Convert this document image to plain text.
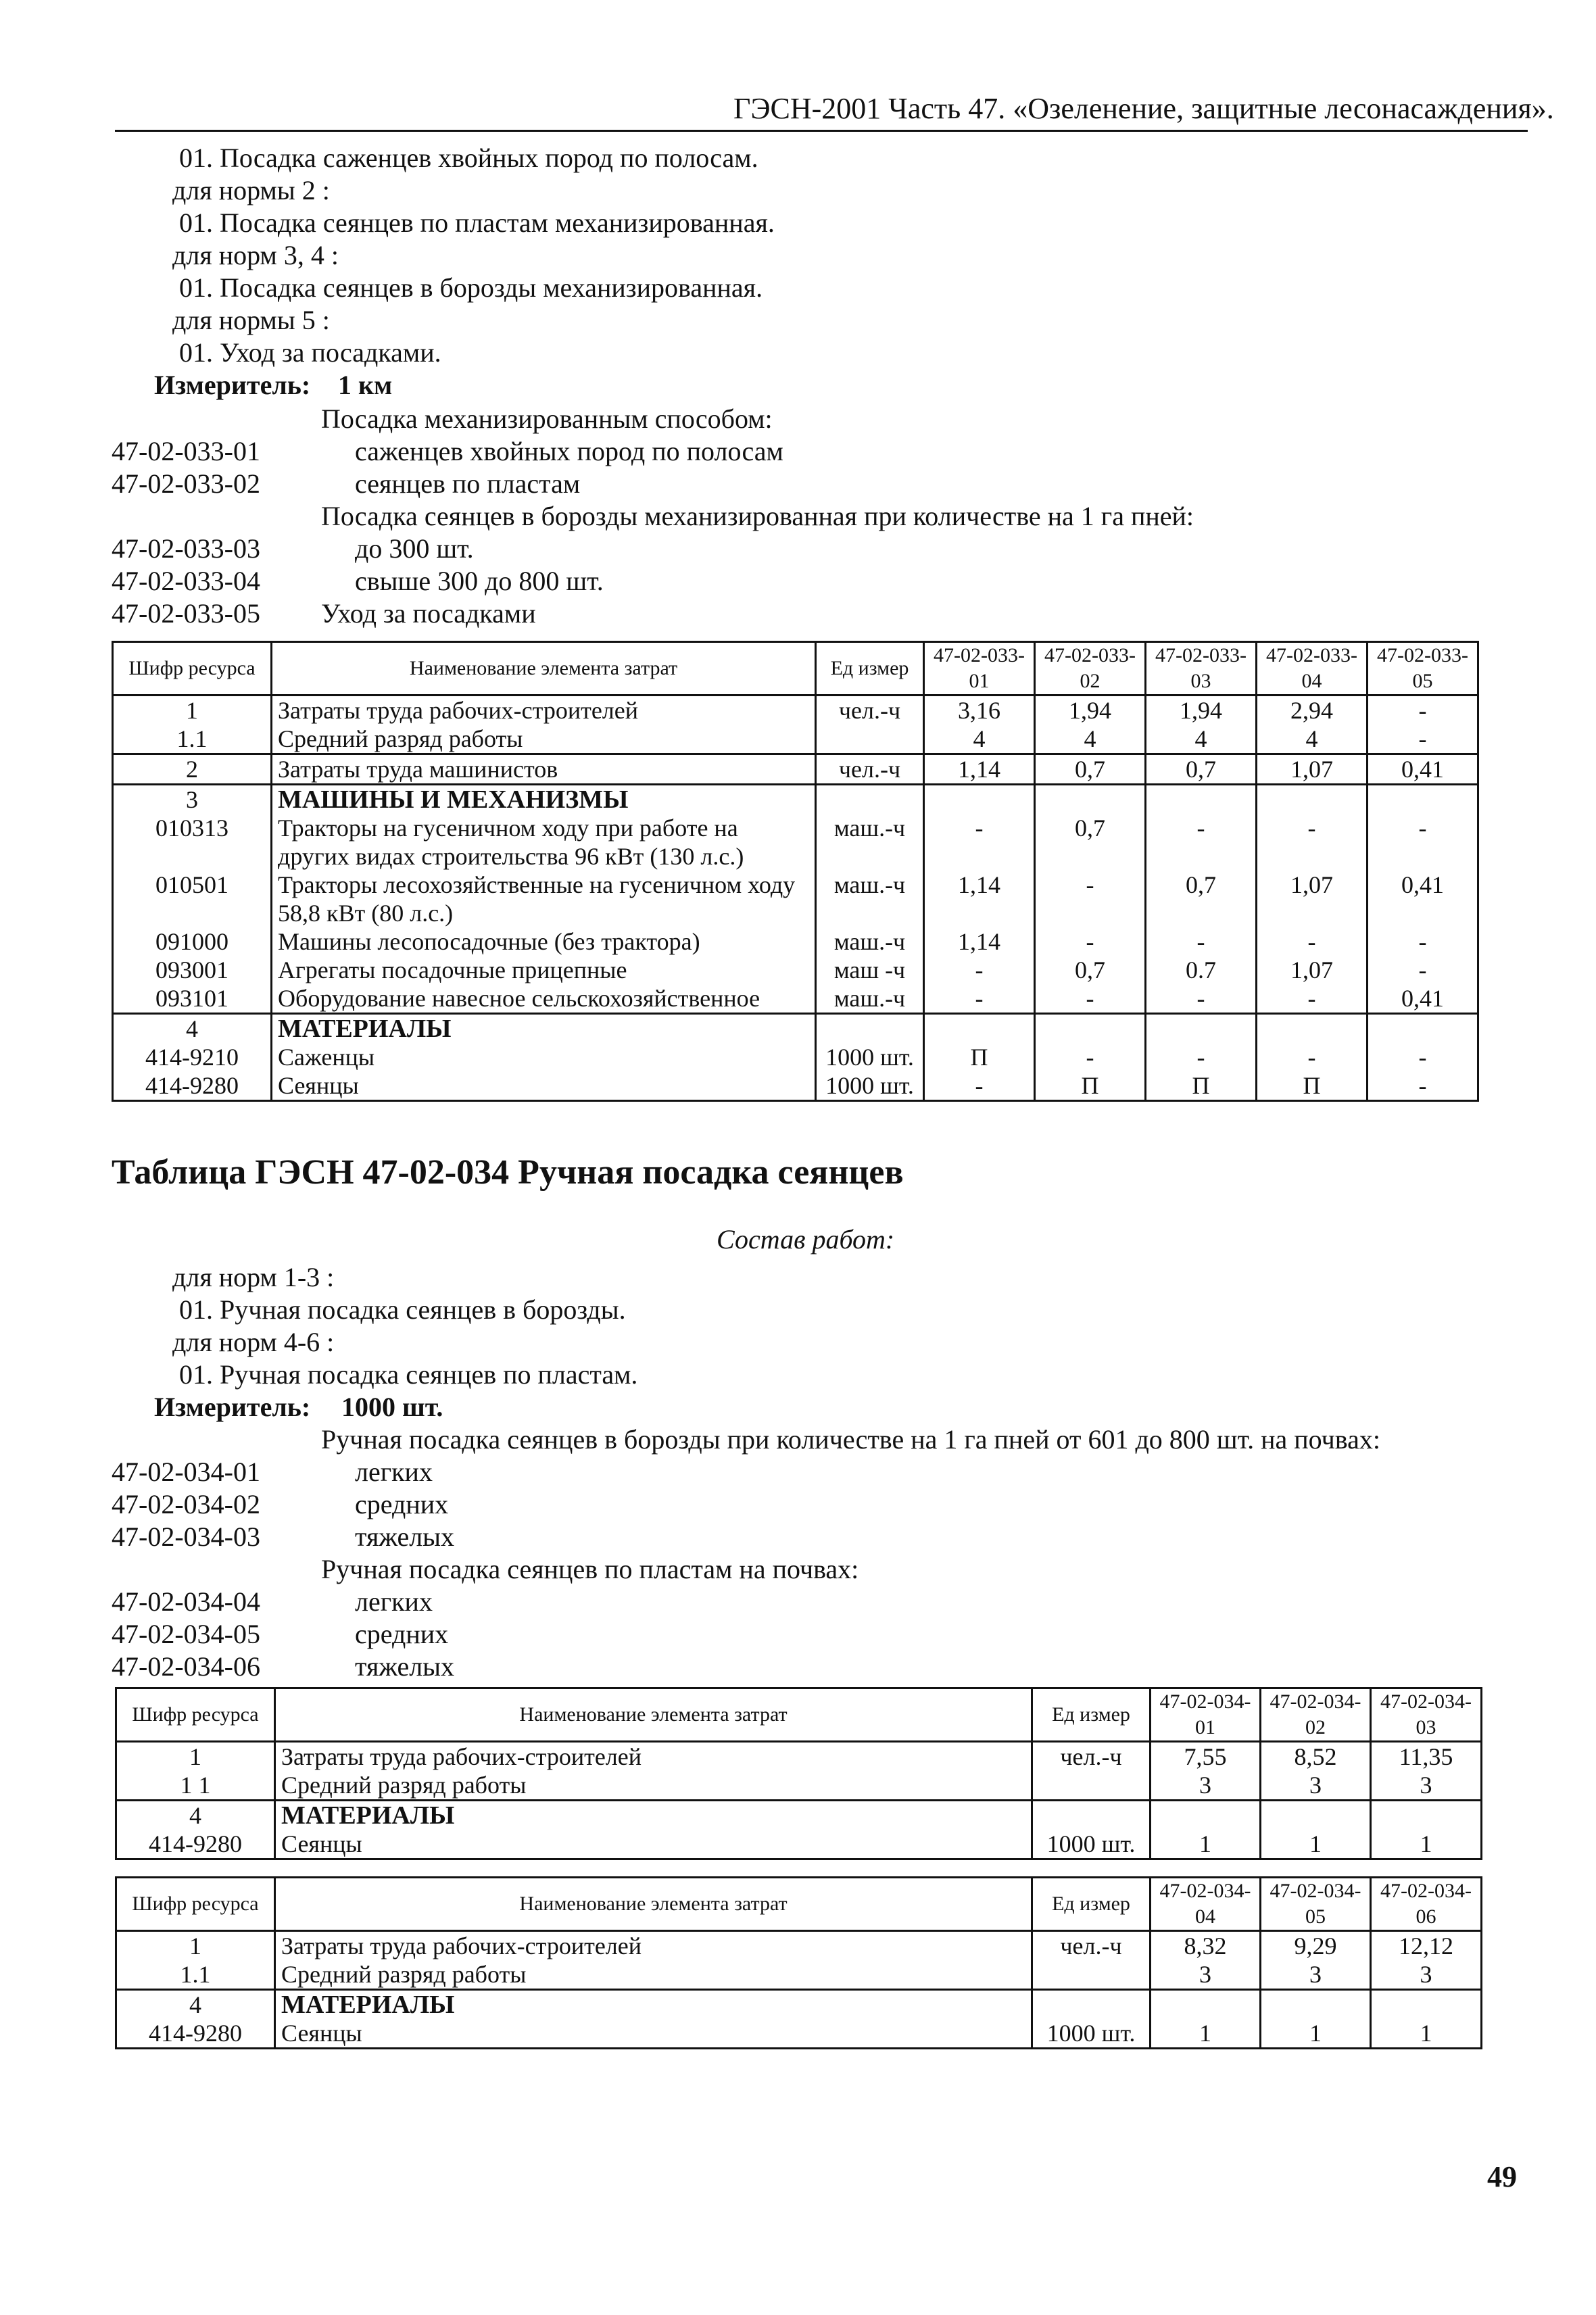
ГЭСН-2001 Часть 47. «Озеленение, защитные лесонасаждения».
01. Посадка саженцев хвойных пород по полосам.
для нормы 2 :
01. Посадка сеянцев по пластам механизированная.
для норм 3, 4 :
01. Посадка сеянцев в борозды механизированная.
для нормы 5 :
01. Уход за посадками.
Измеритель: 1 км
Посадка механизированным способом:
47-02-033-01	саженцев хвойных пород по полосам
47-02-033-02	сеянцев по пластам
Посадка сеянцев в борозды механизированная при количестве на 1 га пней:
47-02-033-03	до 300 шт.
47-02-033-04	свыше 300 до 800 шт.
47-02-033-05 Уход за посадками
Шифр ресурса	Наименование элемента затрат	Ед измер	47-02-033-01	47-02-033-02	47-02-033-03	47-02-033-04	47-02-033-05
1	Затраты труда рабочих-строителей	чел.-ч	3,16	1,94	1,94	2,94	-
1.1	Средний разряд работы		4	4	4	4	-
2	Затраты труда машинистов	чел.-ч	1,14	0,7	0,7	1,07	0,41
3	МАШИНЫ И МЕХАНИЗМЫ						
010313	Тракторы на гусеничном ходу при работе на других видах строительства 96 кВт (130 л.с.)	маш.-ч	-	0,7	-	-	-
010501	Тракторы лесохозяйственные на гусеничном ходу 58,8 кВт (80 л.с.)	маш.-ч	1,14	-	0,7	1,07	0,41
091000	Машины лесопосадочные (без трактора)	маш.-ч	1,14	-	-	-	-
093001	Агрегаты посадочные прицепные	маш -ч	-	0,7	0.7	1,07	-
093101	Оборудование навесное сельскохозяйственное	маш.-ч	-	-	-	-	0,41
4	МАТЕРИАЛЫ						
414-9210	Саженцы	1000 шт.	П	-	-	-	-
414-9280	Сеянцы	1000 шт.	-	П	П	П	-
Таблица ГЭСН 47-02-034 Ручная посадка сеянцев
Состав работ:
для норм 1-3 :
01. Ручная посадка сеянцев в борозды.
для норм 4-6 :
01. Ручная посадка сеянцев по пластам.
Измеритель: 1000 шт.
Ручная посадка сеянцев в борозды при количестве на 1 га пней от 601 до 800 шт. на почвах:
47-02-034-01	легких
47-02-034-02	средних
47-02-034-03	тяжелых
Ручная посадка сеянцев по пластам на почвах:
47-02-034-04	легких
47-02-034-05	средних
47-02-034-06	тяжелых
Шифр ресурса	Наименование элемента затрат	Ед измер	47-02-034-01	47-02-034-02	47-02-034-03
1	Затраты труда рабочих-строителей	чел.-ч	7,55	8,52	11,35
1 1	Средний разряд работы		3	3	3
4	МАТЕРИАЛЫ				
414-9280	Сеянцы	1000 шт.	1	1	1
Шифр ресурса	Наименование элемента затрат	Ед измер	47-02-034-04	47-02-034-05	47-02-034-06
1	Затраты труда рабочих-строителей	чел.-ч	8,32	9,29	12,12
1.1	Средний разряд работы		3	3	3
4	МАТЕРИАЛЫ				
414-9280	Сеянцы	1000 шт.	1	1	1
49
